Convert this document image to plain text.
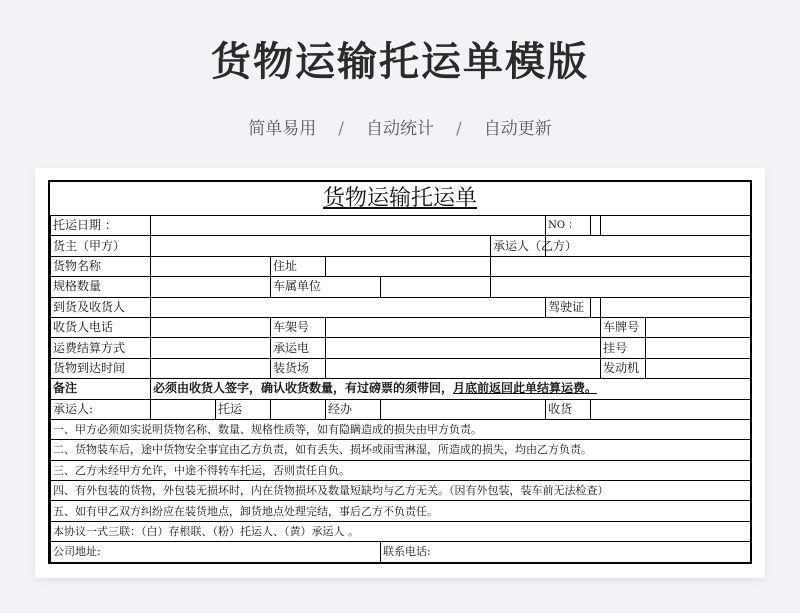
货物运输托运单模版
简单易用 / 自动统计 / 自动更新
货物运输托运单
托运日期 ：							NO ：			
货主（甲方）						承运人（乙方）				
货物名称			住址							
规格数量			车属单位							
到货及收货人							驾驶证			
收货人电话			车架号						车牌号	
运费结算方式			承运电						挂号	
货物到达时间			装货场						发动机	
备注	必须由收货人签字，确认收货数量，有过磅票的须带回，月底前返回此单结算运费。									
承运人:		托运		经办			收货			
一、甲方必须如实说明货物名称、数量、规格性质等，如有隐瞒造成的损失由甲方负责。										
二、货物装车后，途中货物安全事宜由乙方负责，如有丢失、损坏或雨雪淋湿，所造成的损失，均由乙方负责。										
三、乙方未经甲方允许，中途不得转车托运，否则责任自负。										
四、有外包装的货物，外包装无损坏时，内在货物损坏及数量短缺均与乙方无关。（因有外包装，装车前无法检查）										
五、如有甲乙双方纠纷应在装货地点，卸货地点处理完结，事后乙方不负责任。										
本协议一式三联：（白）存根联、（粉）托运人、（黄）承运人 。										
公司地址:					联系电话:					
